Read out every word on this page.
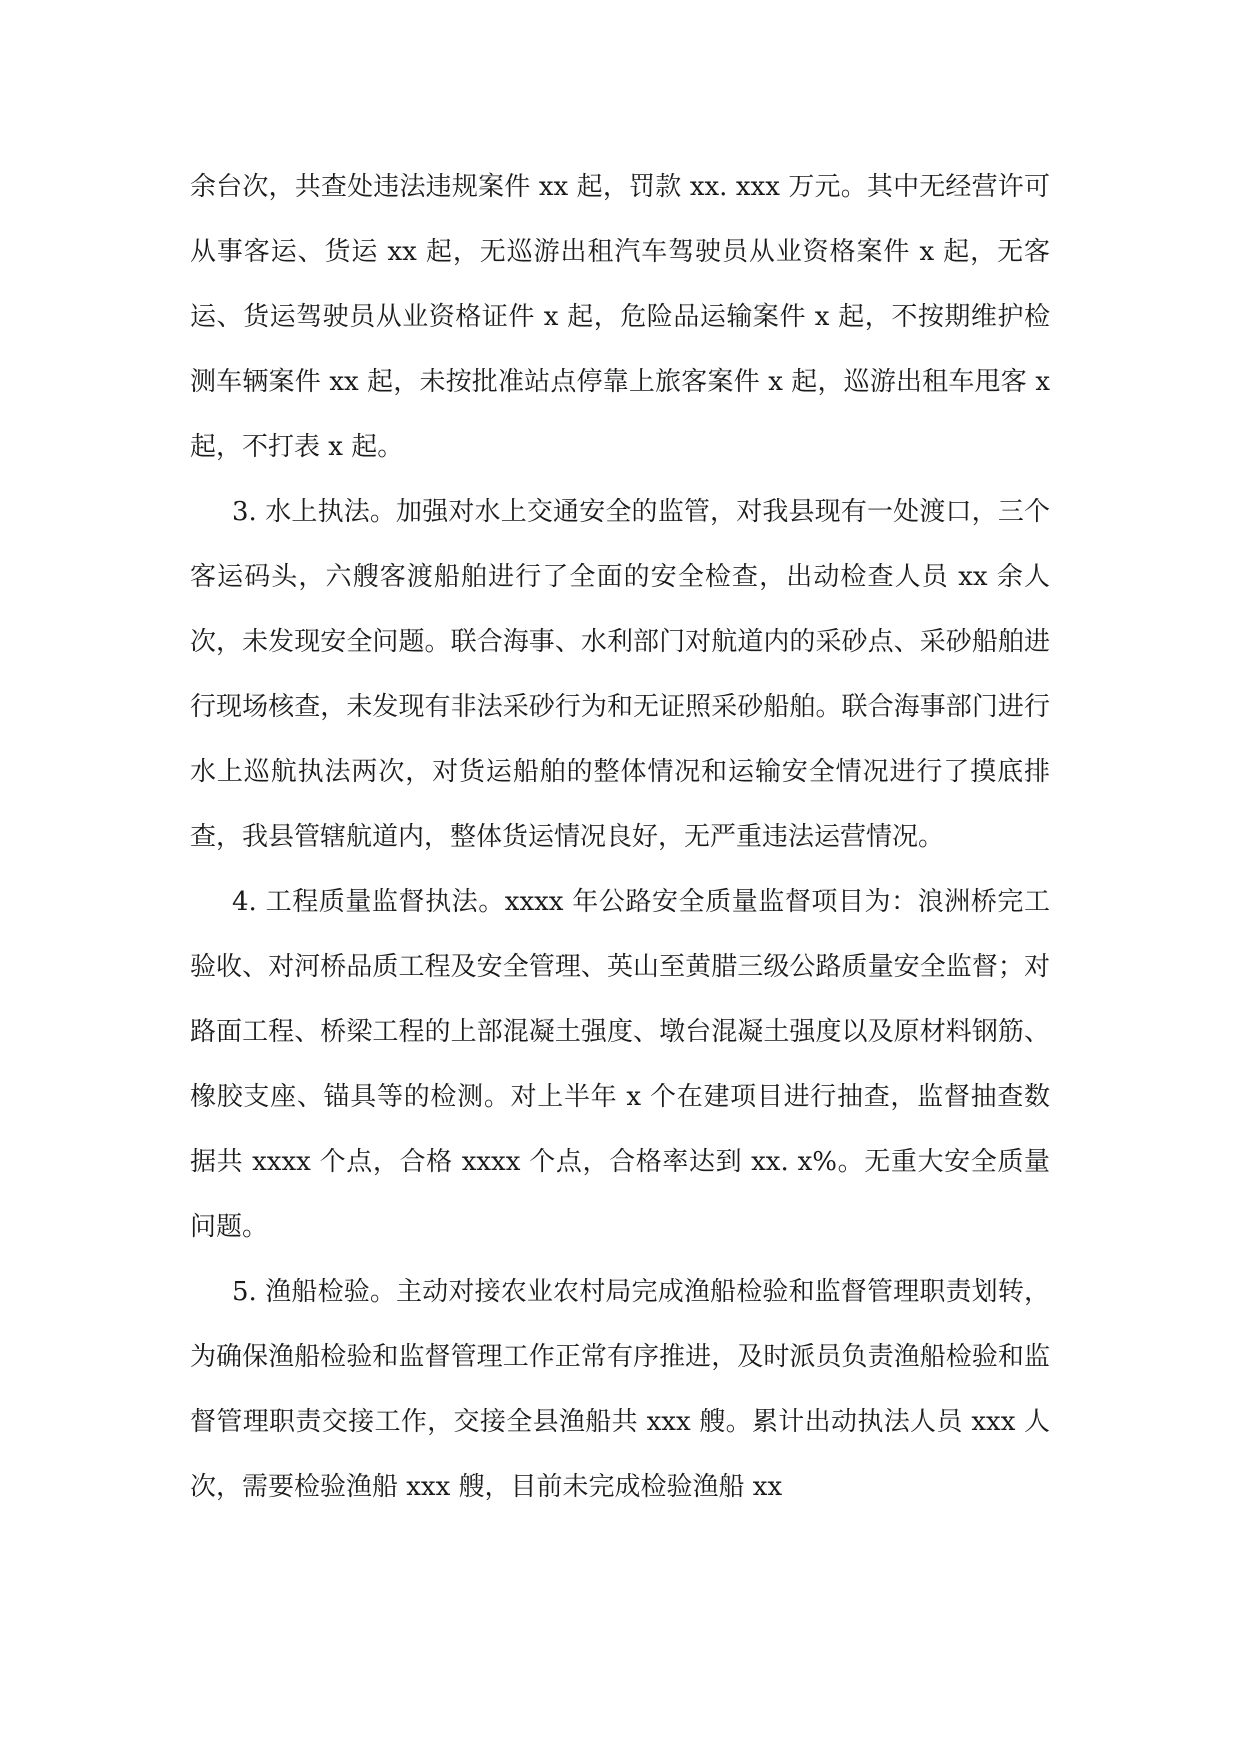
余台次，共查处违法违规案件 xx 起，罚款 xx. xxx 万元。其中无经营许可从事客运、货运 xx 起，无巡游出租汽车驾驶员从业资格案件 x 起，无客运、货运驾驶员从业资格证件 x 起，危险品运输案件 x 起，不按期维护检测车辆案件 xx 起，未按批准站点停靠上旅客案件 x 起，巡游出租车甩客 x 起，不打表 x 起。

3. 水上执法。加强对水上交通安全的监管，对我县现有一处渡口，三个客运码头，六艘客渡船舶进行了全面的安全检查，出动检查人员 xx 余人次，未发现安全问题。联合海事、水利部门对航道内的采砂点、采砂船舶进行现场核查，未发现有非法采砂行为和无证照采砂船舶。联合海事部门进行水上巡航执法两次，对货运船舶的整体情况和运输安全情况进行了摸底排查，我县管辖航道内，整体货运情况良好，无严重违法运营情况。

4. 工程质量监督执法。xxxx 年公路安全质量监督项目为：浪洲桥完工验收、对河桥品质工程及安全管理、英山至黄腊三级公路质量安全监督；对路面工程、桥梁工程的上部混凝土强度、墩台混凝土强度以及原材料钢筋、橡胶支座、锚具等的检测。对上半年 x 个在建项目进行抽查，监督抽查数据共 xxxx 个点，合格 xxxx 个点，合格率达到 xx. x%。无重大安全质量问题。

5. 渔船检验。主动对接农业农村局完成渔船检验和监督管理职责划转，为确保渔船检验和监督管理工作正常有序推进，及时派员负责渔船检验和监督管理职责交接工作，交接全县渔船共 xxx 艘。累计出动执法人员 xxx 人次，需要检验渔船 xxx 艘，目前未完成检验渔船 xx
